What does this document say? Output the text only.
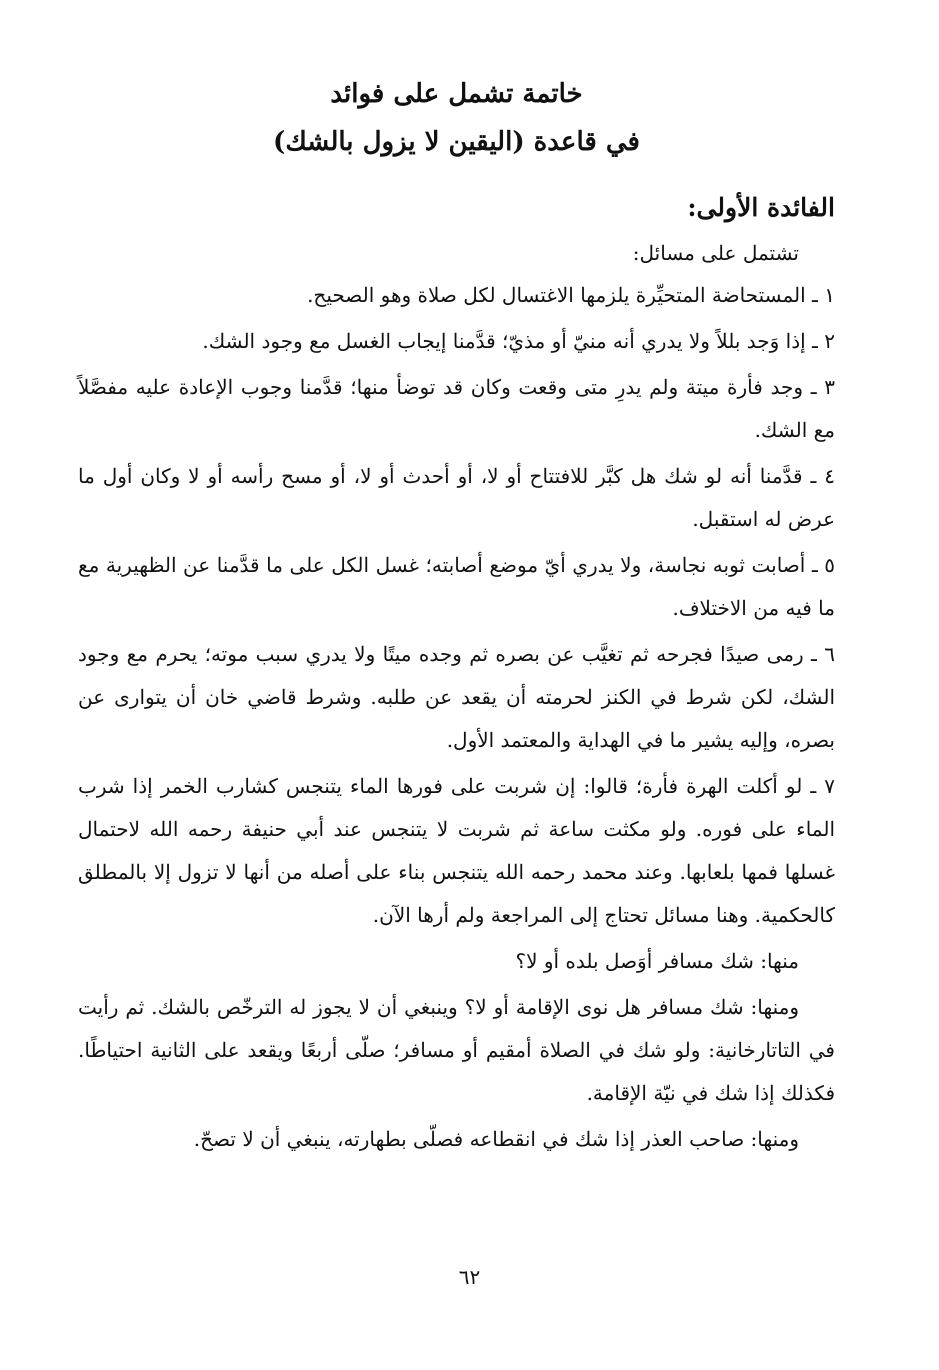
خاتمة تشمل على فوائد
في قاعدة (اليقين لا يزول بالشك)
الفائدة الأولى:

تشتمل على مسائل:

١ ـ المستحاضة المتحيِّرة يلزمها الاغتسال لكل صلاة وهو الصحيح.

٢ ـ إذا وَجد بللاً ولا يدري أنه منيّ أو مذيّ؛ قدَّمنا إيجاب الغسل مع وجود الشك.

٣ ـ وجد فأرة ميتة ولم يدرِ متى وقعت وكان قد توضأ منها؛ قدَّمنا وجوب الإعادة عليه مفصَّلاً مع الشك.

٤ ـ قدَّمنا أنه لو شك هل كبَّر للافتتاح أو لا، أو أحدث أو لا، أو مسح رأسه أو لا وكان أول ما عرض له استقبل.

٥ ـ أصابت ثوبه نجاسة، ولا يدري أيّ موضع أصابته؛ غسل الكل على ما قدَّمنا عن الظهيرية مع ما فيه من الاختلاف.

٦ ـ رمى صيدًا فجرحه ثم تغيَّب عن بصره ثم وجده ميتًا ولا يدري سبب موته؛ يحرم مع وجود الشك، لكن شرط في الكنز لحرمته أن يقعد عن طلبه. وشرط قاضي خان أن يتوارى عن بصره، وإليه يشير ما في الهداية والمعتمد الأول.

٧ ـ لو أكلت الهرة فأرة؛ قالوا: إن شربت على فورها الماء يتنجس كشارب الخمر إذا شرب الماء على فوره. ولو مكثت ساعة ثم شربت لا يتنجس عند أبي حنيفة رحمه الله لاحتمال غسلها فمها بلعابها. وعند محمد رحمه الله يتنجس بناء على أصله من أنها لا تزول إلا بالمطلق كالحكمية. وهنا مسائل تحتاج إلى المراجعة ولم أرها الآن.

منها: شك مسافر أوَصل بلده أو لا؟

ومنها: شك مسافر هل نوى الإقامة أو لا؟ وينبغي أن لا يجوز له الترخّص بالشك. ثم رأيت في التاتارخانية: ولو شك في الصلاة أمقيم أو مسافر؛ صلّى أربعًا ويقعد على الثانية احتياطًا. فكذلك إذا شك في نيّة الإقامة.

ومنها: صاحب العذر إذا شك في انقطاعه فصلّى بطهارته، ينبغي أن لا تصحّ.

٦٢
